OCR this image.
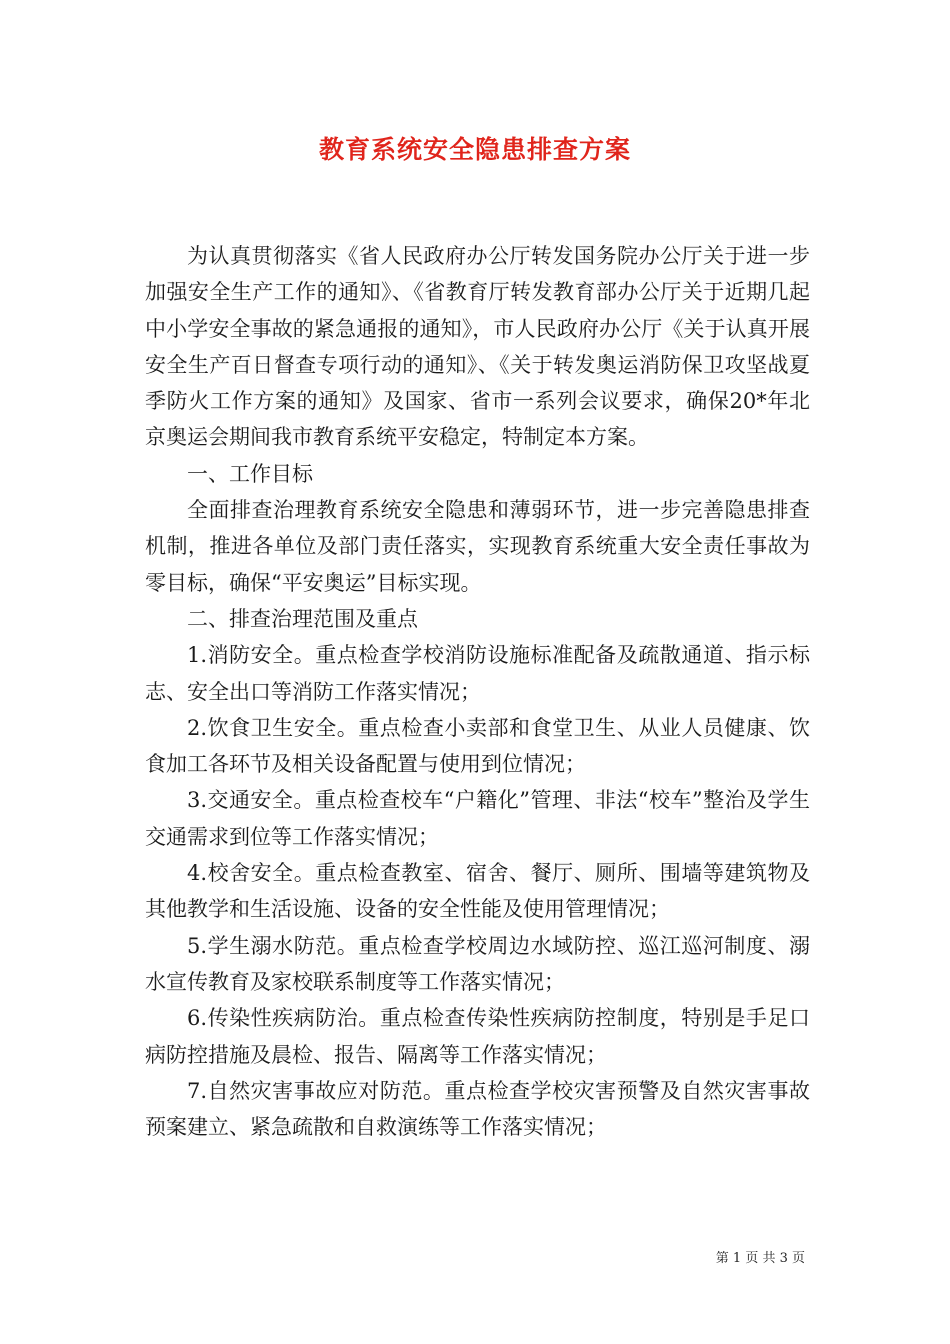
教育系统安全隐患排查方案

为认真贯彻落实《省人民政府办公厅转发国务院办公厅关于进一步加强安全生产工作的通知》、《省教育厅转发教育部办公厅关于近期几起中小学安全事故的紧急通报的通知》，市人民政府办公厅《关于认真开展安全生产百日督查专项行动的通知》、《关于转发奥运消防保卫攻坚战夏季防火工作方案的通知》及国家、省市一系列会议要求，确保20*年北京奥运会期间我市教育系统平安稳定，特制定本方案。

一、工作目标

全面排查治理教育系统安全隐患和薄弱环节，进一步完善隐患排查机制，推进各单位及部门责任落实，实现教育系统重大安全责任事故为零目标，确保“平安奥运”目标实现。

二、排查治理范围及重点

1.消防安全。重点检查学校消防设施标准配备及疏散通道、指示标志、安全出口等消防工作落实情况；

2.饮食卫生安全。重点检查小卖部和食堂卫生、从业人员健康、饮食加工各环节及相关设备配置与使用到位情况；

3.交通安全。重点检查校车“户籍化”管理、非法“校车”整治及学生交通需求到位等工作落实情况；

4.校舍安全。重点检查教室、宿舍、餐厅、厕所、围墙等建筑物及其他教学和生活设施、设备的安全性能及使用管理情况；

5.学生溺水防范。重点检查学校周边水域防控、巡江巡河制度、溺水宣传教育及家校联系制度等工作落实情况；

6.传染性疾病防治。重点检查传染性疾病防控制度，特别是手足口病防控措施及晨检、报告、隔离等工作落实情况；

7.自然灾害事故应对防范。重点检查学校灾害预警及自然灾害事故预案建立、紧急疏散和自救演练等工作落实情况；

第 1 页 共 3 页
